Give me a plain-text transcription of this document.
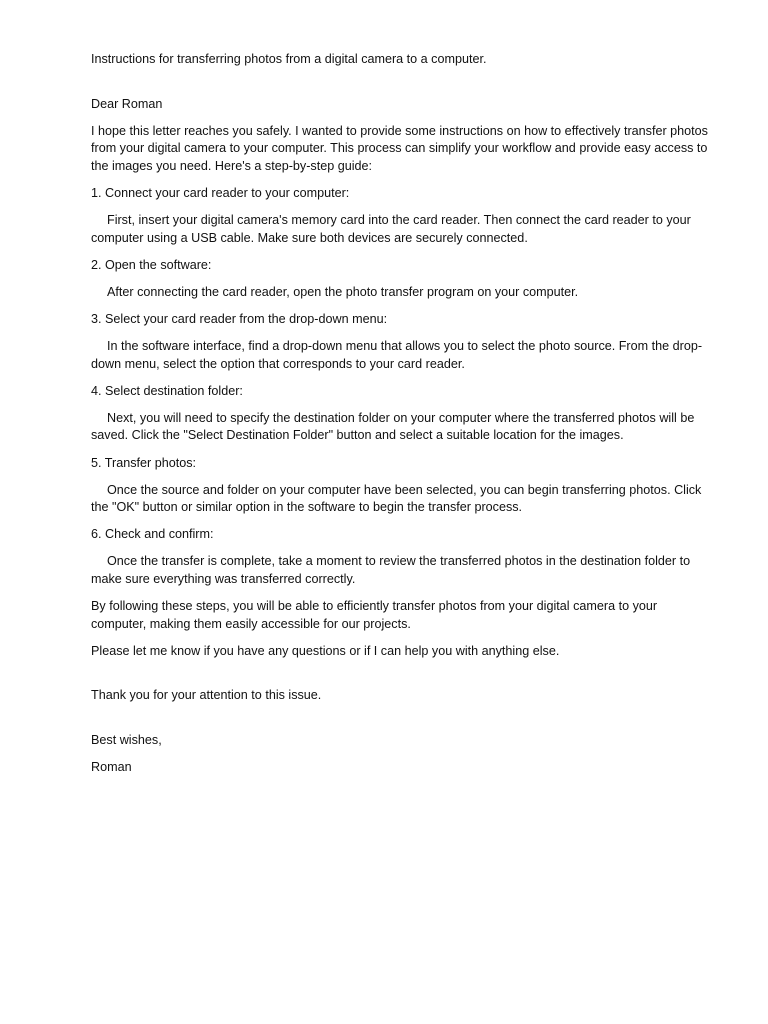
Instructions for transferring photos from a digital camera to a computer.

Dear Roman

I hope this letter reaches you safely. I wanted to provide some instructions on how to effectively transfer photos from your digital camera to your computer. This process can simplify your workflow and provide easy access to the images you need. Here's a step-by-step guide:

1. Connect your card reader to your computer:

First, insert your digital camera's memory card into the card reader. Then connect the card reader to your computer using a USB cable. Make sure both devices are securely connected.

2. Open the software:

After connecting the card reader, open the photo transfer program on your computer.

3. Select your card reader from the drop-down menu:

In the software interface, find a drop-down menu that allows you to select the photo source. From the drop-down menu, select the option that corresponds to your card reader.

4. Select destination folder:

Next, you will need to specify the destination folder on your computer where the transferred photos will be saved. Click the "Select Destination Folder" button and select a suitable location for the images.

5. Transfer photos:

Once the source and folder on your computer have been selected, you can begin transferring photos. Click the "OK" button or similar option in the software to begin the transfer process.

6. Check and confirm:

Once the transfer is complete, take a moment to review the transferred photos in the destination folder to make sure everything was transferred correctly.

By following these steps, you will be able to efficiently transfer photos from your digital camera to your computer, making them easily accessible for our projects.

Please let me know if you have any questions or if I can help you with anything else.

Thank you for your attention to this issue.

Best wishes,

Roman
